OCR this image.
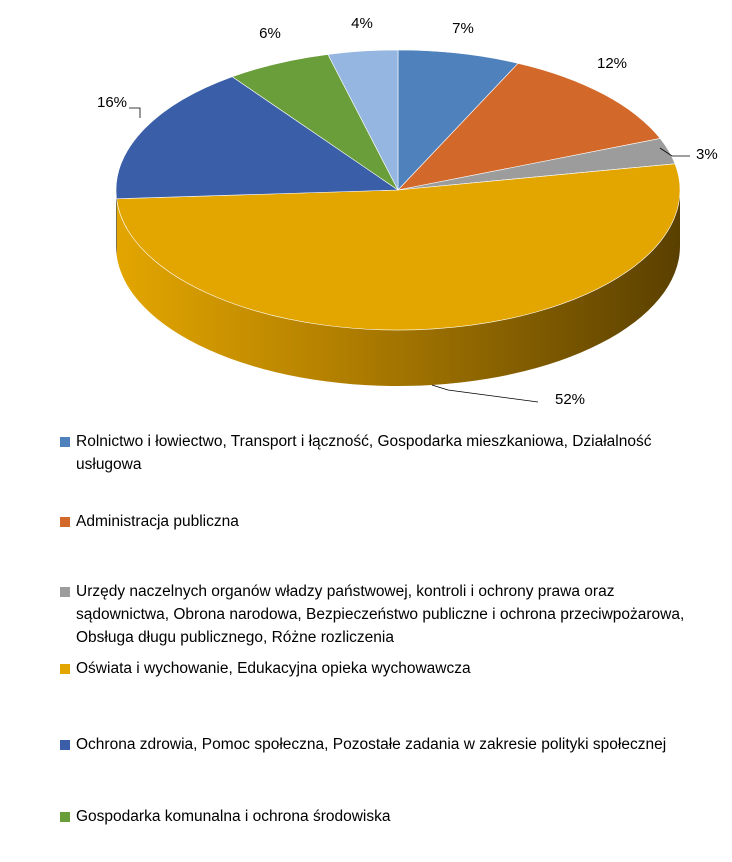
7%
12%
3%
52%
16%
6%
4%
Rolnictwo i łowiectwo, Transport i łączność, Gospodarka mieszkaniowa, Działalność usługowa
Administracja publiczna
Urzędy naczelnych organów władzy państwowej, kontroli i ochrony prawa oraz sądownictwa, Obrona narodowa, Bezpieczeństwo publiczne i ochrona przeciwpożarowa, Obsługa długu publicznego, Różne rozliczenia
Oświata i wychowanie, Edukacyjna opieka wychowawcza
Ochrona zdrowia, Pomoc społeczna, Pozostałe zadania w zakresie polityki społecznej
Gospodarka komunalna i ochrona środowiska
